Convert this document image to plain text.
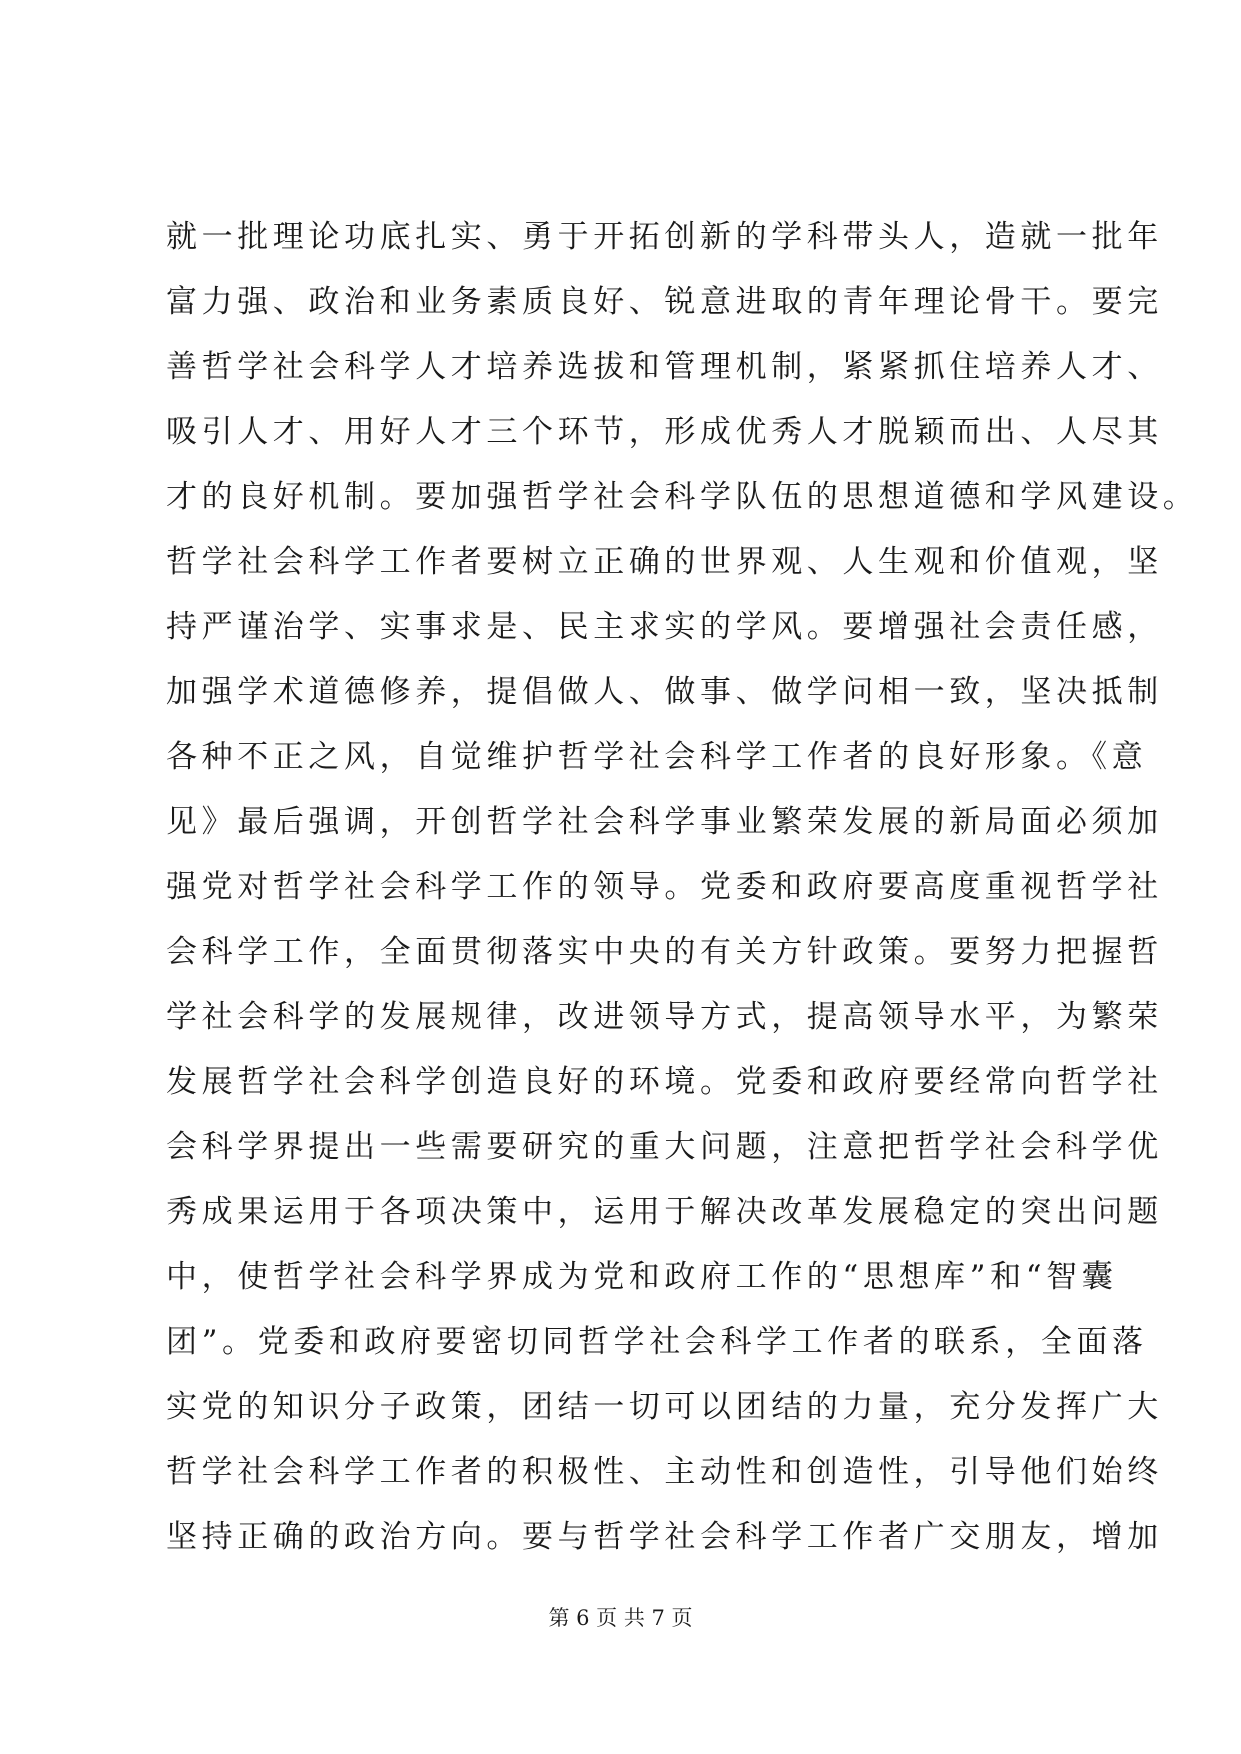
就一批理论功底扎实、勇于开拓创新的学科带头人，造就一批年
富力强、政治和业务素质良好、锐意进取的青年理论骨干。要完
善哲学社会科学人才培养选拔和管理机制，紧紧抓住培养人才、
吸引人才、用好人才三个环节，形成优秀人才脱颖而出、人尽其
才的良好机制。要加强哲学社会科学队伍的思想道德和学风建设。
哲学社会科学工作者要树立正确的世界观、人生观和价值观，坚
持严谨治学、实事求是、民主求实的学风。要增强社会责任感，
加强学术道德修养，提倡做人、做事、做学问相一致，坚决抵制
各种不正之风，自觉维护哲学社会科学工作者的良好形象。《意
见》最后强调，开创哲学社会科学事业繁荣发展的新局面必须加
强党对哲学社会科学工作的领导。党委和政府要高度重视哲学社
会科学工作，全面贯彻落实中央的有关方针政策。要努力把握哲
学社会科学的发展规律，改进领导方式，提高领导水平，为繁荣
发展哲学社会科学创造良好的环境。党委和政府要经常向哲学社
会科学界提出一些需要研究的重大问题，注意把哲学社会科学优
秀成果运用于各项决策中，运用于解决改革发展稳定的突出问题
中，使哲学社会科学界成为党和政府工作的“思想库”和“智囊
团”。党委和政府要密切同哲学社会科学工作者的联系，全面落
实党的知识分子政策，团结一切可以团结的力量，充分发挥广大
哲学社会科学工作者的积极性、主动性和创造性，引导他们始终
坚持正确的政治方向。要与哲学社会科学工作者广交朋友，增加
第 6 页 共 7 页
